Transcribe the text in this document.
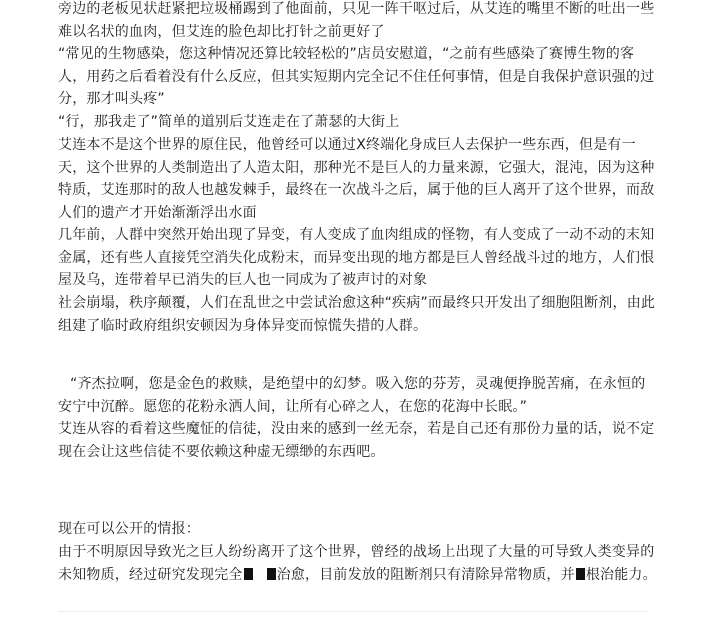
旁边的老板见状赶紧把垃圾桶踢到了他面前，只见一阵干呕过后，从艾连的嘴里不断的吐出一些难以名状的血肉，但艾连的脸色却比打针之前更好了
“常见的生物感染，您这种情况还算比较轻松的”店员安慰道，“之前有些感染了赛博生物的客人，用药之后看着没有什么反应，但其实短期内完全记不住任何事情，但是自我保护意识强的过分，那才叫头疼”
“行，那我走了”简单的道别后艾连走在了萧瑟的大街上
艾连本不是这个世界的原住民，他曾经可以通过X终端化身成巨人去保护一些东西，但是有一天，这个世界的人类制造出了人造太阳，那种光不是巨人的力量来源，它强大，混沌，因为这种特质，艾连那时的敌人也越发棘手，最终在一次战斗之后，属于他的巨人离开了这个世界，而敌人们的遗产才开始渐渐浮出水面
几年前，人群中突然开始出现了异变，有人变成了血肉组成的怪物，有人变成了一动不动的末知金属，还有些人直接凭空消失化成粉末，而异变出现的地方都是巨人曾经战斗过的地方，人们恨屋及乌，连带着早已消失的巨人也一同成为了被声讨的对象
社会崩塌，秩序颠覆，人们在乱世之中尝试治愈这种“疾病”而最终只开发出了细胞阻断剂，由此组建了临时政府组织安顿因为身体异变而惊慌失措的人群。
“齐杰拉啊，您是金色的救赎，是绝望中的幻梦。吸入您的芬芳，灵魂便挣脱苦痛，在永恒的安宁中沉醉。愿您的花粉永洒人间，让所有心碎之人，在您的花海中长眠。”
艾连从容的看着这些魔怔的信徒，没由来的感到一丝无奈，若是自己还有那份力量的话，说不定现在会让这些信徒不要依赖这种虚无缥缈的东西吧。
现在可以公开的情报：
由于不明原因导致光之巨人纷纷离开了这个世界，曾经的战场上出现了大量的可导致人类变异的未知物质，经过研究发现完全 治愈，目前发放的阻断剂只有清除异常物质，并 根治能力。
